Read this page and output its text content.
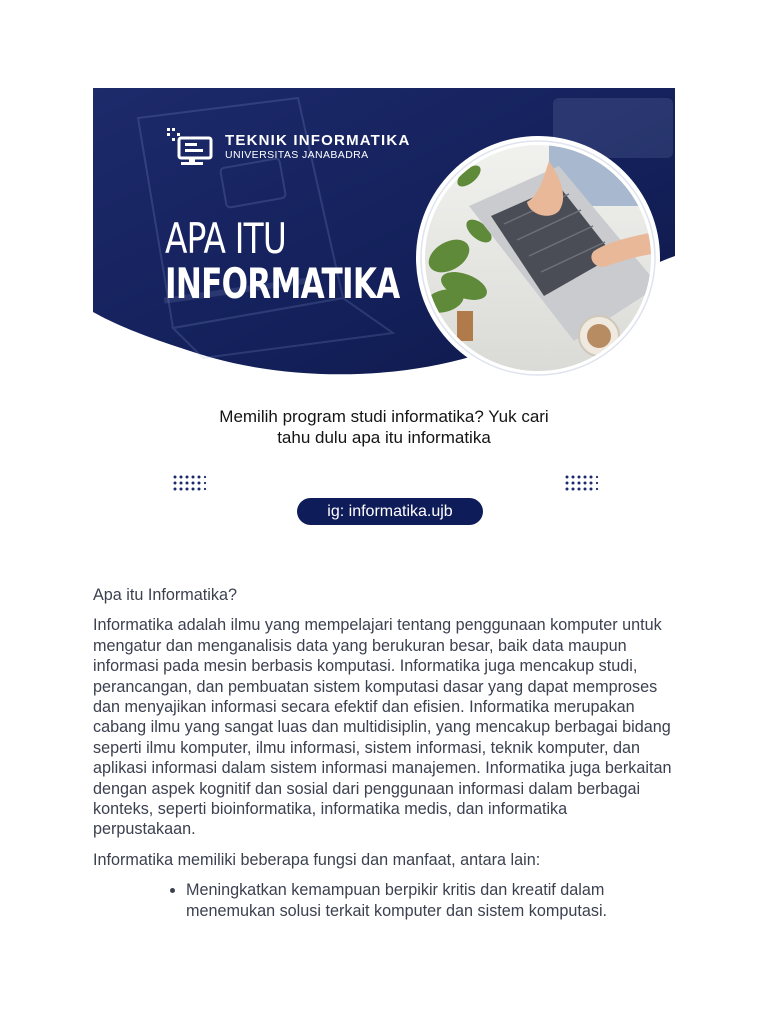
TEKNIK INFORMATIKA
UNIVERSITAS JANABADRA
APA ITU
INFORMATIKA
Memilih program studi informatika? Yuk cari
tahu dulu apa itu informatika
ig: informatika.ujb

Apa itu Informatika?

Informatika adalah ilmu yang mempelajari tentang penggunaan komputer untuk mengatur dan menganalisis data yang berukuran besar, baik data maupun informasi pada mesin berbasis komputasi. Informatika juga mencakup studi, perancangan, dan pembuatan sistem komputasi dasar yang dapat memproses dan menyajikan informasi secara efektif dan efisien. Informatika merupakan cabang ilmu yang sangat luas dan multidisiplin, yang mencakup berbagai bidang seperti ilmu komputer, ilmu informasi, sistem informasi, teknik komputer, dan aplikasi informasi dalam sistem informasi manajemen. Informatika juga berkaitan dengan aspek kognitif dan sosial dari penggunaan informasi dalam berbagai konteks, seperti bioinformatika, informatika medis, dan informatika perpustakaan.

Informatika memiliki beberapa fungsi dan manfaat, antara lain:

• Meningkatkan kemampuan berpikir kritis dan kreatif dalam menemukan solusi terkait komputer dan sistem komputasi.
